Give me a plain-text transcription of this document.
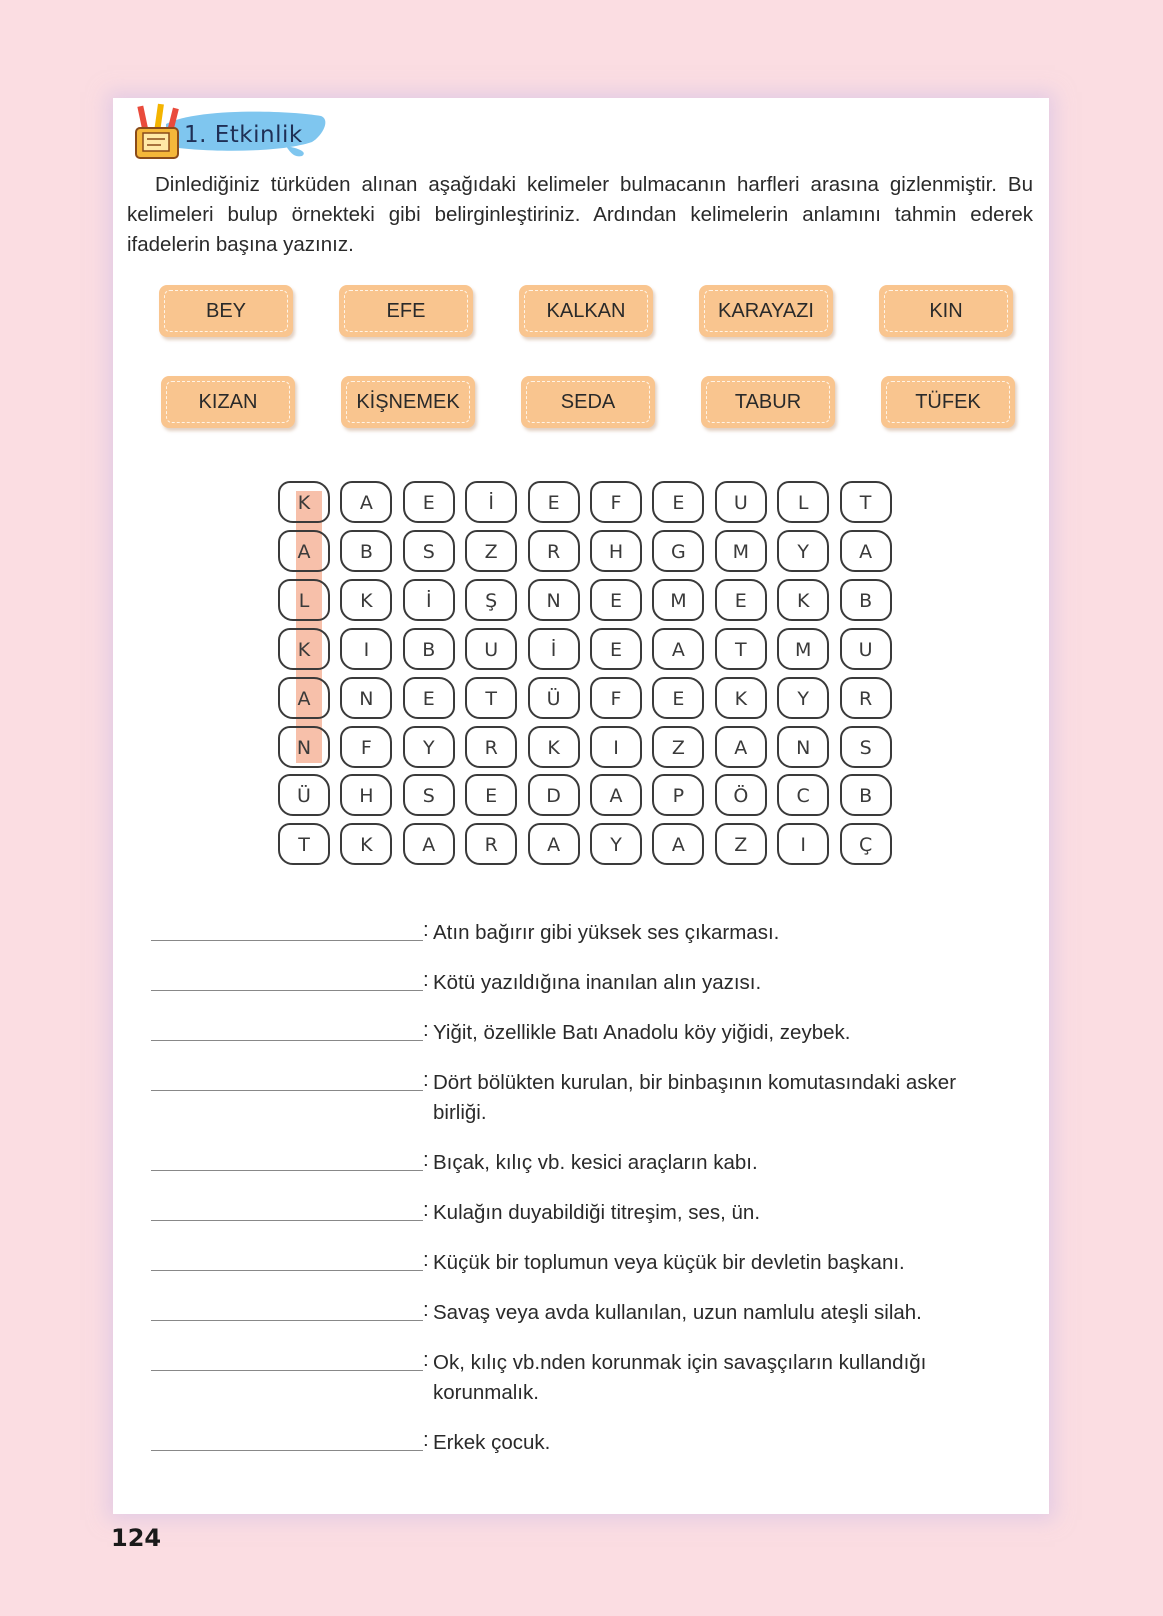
1. Etkinlik
Dinlediğiniz türküden alınan aşağıdaki kelimeler bulmacanın harfleri arasına gizlenmiştir. Bu kelimeleri bulup örnekteki gibi belirginleştiriniz. Ardından kelimelerin anlamını tahmin ederek ifadelerin başına yazınız.
BEY	EFE	KALKAN	KARAYAZI	KIN
KIZAN	KİŞNEMEK	SEDA	TABUR	TÜFEK
K	A	E	İ	E	F	E	U	L	T
A	B	S	Z	R	H	G	M	Y	A
L	K	İ	Ş	N	E	M	E	K	B
K	I	B	U	İ	E	A	T	M	U
A	N	E	T	Ü	F	E	K	Y	R
N	F	Y	R	K	I	Z	A	N	S
Ü	H	S	E	D	A	P	Ö	C	B
T	K	A	R	A	Y	A	Z	I	Ç
: Atın bağırır gibi yüksek ses çıkarması.
: Kötü yazıldığına inanılan alın yazısı.
: Yiğit, özellikle Batı Anadolu köy yiğidi, zeybek.
: Dört bölükten kurulan, bir binbaşının komutasındaki asker birliği.
: Bıçak, kılıç vb. kesici araçların kabı.
: Kulağın duyabildiği titreşim, ses, ün.
: Küçük bir toplumun veya küçük bir devletin başkanı.
: Savaş veya avda kullanılan, uzun namlulu ateşli silah.
: Ok, kılıç vb.nden korunmak için savaşçıların kullandığı korunmalık.
: Erkek çocuk.
124
